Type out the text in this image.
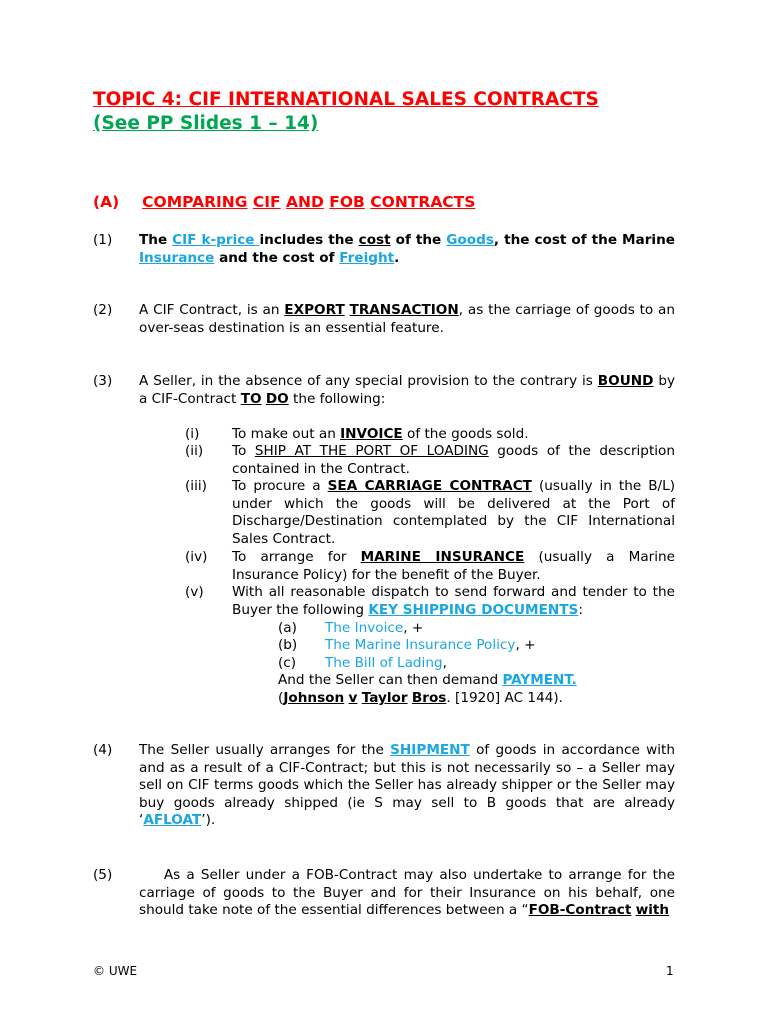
TOPIC 4: CIF INTERNATIONAL SALES CONTRACTS
(See PP Slides 1 – 14)
(A) COMPARING CIF AND FOB CONTRACTS
(1) The CIF k-price includes the cost of the Goods, the cost of the Marine Insurance and the cost of Freight.
(2) A CIF Contract, is an EXPORT TRANSACTION, as the carriage of goods to an over-seas destination is an essential feature.
(3) A Seller, in the absence of any special provision to the contrary is BOUND by a CIF-Contract TO DO the following:
(i) To make out an INVOICE of the goods sold.
(ii) To SHIP AT THE PORT OF LOADING goods of the description contained in the Contract.
(iii) To procure a SEA CARRIAGE CONTRACT (usually in the B/L) under which the goods will be delivered at the Port of Discharge/Destination contemplated by the CIF International Sales Contract.
(iv) To arrange for MARINE INSURANCE (usually a Marine Insurance Policy) for the benefit of the Buyer.
(v) With all reasonable dispatch to send forward and tender to the Buyer the following KEY SHIPPING DOCUMENTS:
(a) The Invoice, +
(b) The Marine Insurance Policy, +
(c) The Bill of Lading,
And the Seller can then demand PAYMENT.
(Johnson v Taylor Bros. [1920] AC 144).
(4) The Seller usually arranges for the SHIPMENT of goods in accordance with and as a result of a CIF-Contract; but this is not necessarily so – a Seller may sell on CIF terms goods which the Seller has already shipper or the Seller may buy goods already shipped (ie S may sell to B goods that are already ‘AFLOAT’).
(5) As a Seller under a FOB-Contract may also undertake to arrange for the carriage of goods to the Buyer and for their Insurance on his behalf, one should take note of the essential differences between a “FOB-Contract with
© UWE	1
